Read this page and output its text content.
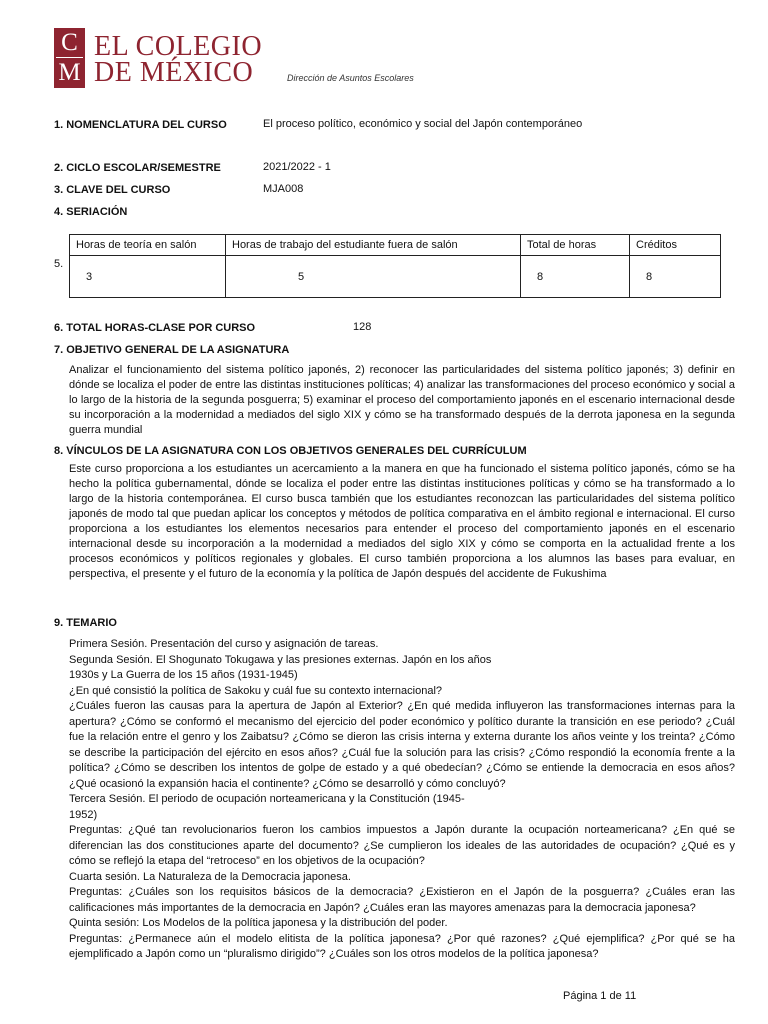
C
M
EL COLEGIO
DE MÉXICO	Dirección de Asuntos Escolares
1. NOMENCLATURA DEL CURSO	El proceso político, económico y social del Japón contemporáneo
2. CICLO ESCOLAR/SEMESTRE	2021/2022 - 1
3. CLAVE DEL CURSO	MJA008
4. SERIACIÓN
5.
Horas de teoría en salón	Horas de trabajo del estudiante fuera de salón	Total de horas	Créditos
3	5	8	8
6. TOTAL HORAS-CLASE POR CURSO	128
7. OBJETIVO GENERAL DE LA ASIGNATURA
Analizar el funcionamiento del sistema político japonés, 2) reconocer las particularidades del sistema político japonés; 3) definir en dónde se localiza el poder de entre las distintas instituciones políticas; 4) analizar las transformaciones del proceso económico y social a lo largo de la historia de la segunda posguerra; 5) examinar el proceso del comportamiento japonés en el escenario internacional desde su incorporación a la modernidad a mediados del siglo XIX y cómo se ha transformado después de la derrota japonesa en la segunda guerra mundial
8. VÍNCULOS DE LA ASIGNATURA CON LOS OBJETIVOS GENERALES DEL CURRÍCULUM
Este curso proporciona a los estudiantes un acercamiento a la manera en que ha funcionado el sistema político japonés, cómo se ha hecho la política gubernamental, dónde se localiza el poder entre las distintas instituciones políticas y cómo se ha transformado a lo largo de la historia contemporánea. El curso busca también que los estudiantes reconozcan las particularidades del sistema político japonés de modo tal que puedan aplicar los conceptos y métodos de política comparativa en el ámbito regional e internacional. El curso proporciona a los estudiantes los elementos necesarios para entender el proceso del comportamiento japonés en el escenario internacional desde su incorporación a la modernidad a mediados del siglo XIX y cómo se comporta en la actualidad frente a los procesos económicos y políticos regionales y globales. El curso también proporciona a los alumnos las bases para evaluar, en perspectiva, el presente y el futuro de la economía y la política de Japón después del accidente de Fukushima
9. TEMARIO

Primera Sesión. Presentación del curso y asignación de tareas.

Segunda Sesión. El Shogunato Tokugawa y las presiones externas. Japón en los años

1930s y La Guerra de los 15 años (1931-1945)

¿En qué consistió la política de Sakoku y cuál fue su contexto internacional?

¿Cuáles fueron las causas para la apertura de Japón al Exterior? ¿En qué medida influyeron las transformaciones internas para la apertura? ¿Cómo se conformó el mecanismo del ejercicio del poder económico y político durante la transición en ese periodo? ¿Cuál fue la relación entre el genro y los Zaibatsu? ¿Cómo se dieron las crisis interna y externa durante los años veinte y los treinta? ¿Cómo se describe la participación del ejército en esos años? ¿Cuál fue la solución para las crisis? ¿Cómo respondió la economía frente a la política? ¿Cómo se describen los intentos de golpe de estado y a qué obedecían? ¿Cómo se entiende la democracia en esos años? ¿Qué ocasionó la expansión hacia el continente? ¿Cómo se desarrolló y cómo concluyó?

Tercera Sesión. El periodo de ocupación norteamericana y la Constitución (1945-

1952)

Preguntas: ¿Qué tan revolucionarios fueron los cambios impuestos a Japón durante la ocupación norteamericana? ¿En qué se diferencian las dos constituciones aparte del documento? ¿Se cumplieron los ideales de las autoridades de ocupación? ¿Qué es y cómo se reflejó la etapa del “retroceso” en los objetivos de la ocupación?

Cuarta sesión. La Naturaleza de la Democracia japonesa.

Preguntas: ¿Cuáles son los requisitos básicos de la democracia? ¿Existieron en el Japón de la posguerra? ¿Cuáles eran las calificaciones más importantes de la democracia en Japón? ¿Cuáles eran las mayores amenazas para la democracia japonesa?

Quinta sesión: Los Modelos de la política japonesa y la distribución del poder.

Preguntas: ¿Permanece aún el modelo elitista de la política japonesa? ¿Por qué razones? ¿Qué ejemplifica? ¿Por qué se ha ejemplificado a Japón como un “pluralismo dirigido”? ¿Cuáles son los otros modelos de la política japonesa?

Página 1 de 11
